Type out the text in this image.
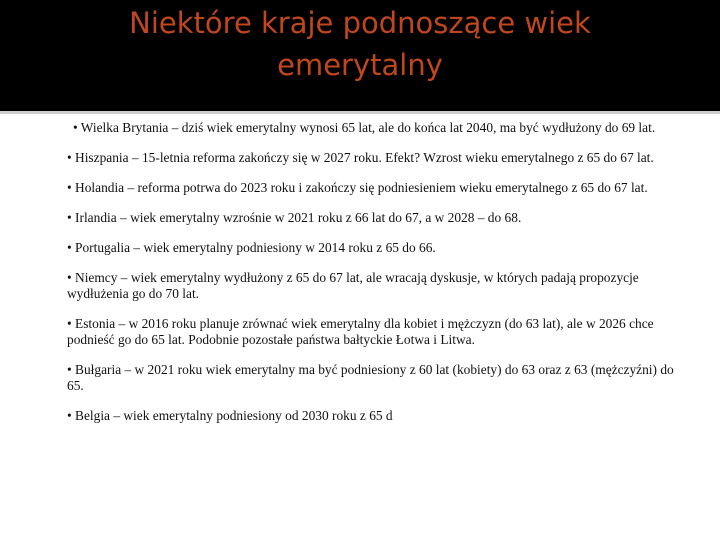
Niektóre kraje podnoszące wiek
emerytalny
• Wielka Brytania – dziś wiek emerytalny wynosi 65 lat, ale do końca lat 2040, ma być wydłużony do 69 lat.
• Hiszpania – 15-letnia reforma zakończy się w 2027 roku. Efekt? Wzrost wieku emerytalnego z 65 do 67 lat.
• Holandia – reforma potrwa do 2023 roku i zakończy się podniesieniem wieku emerytalnego z 65 do 67 lat.
• Irlandia – wiek emerytalny wzrośnie w 2021 roku z 66 lat do 67, a w 2028 – do 68.
• Portugalia – wiek emerytalny podniesiony w 2014 roku z 65 do 66.
• Niemcy – wiek emerytalny wydłużony z 65 do 67 lat, ale wracają dyskusje, w których padają propozycje wydłużenia go do 70 lat.
• Estonia – w 2016 roku planuje zrównać wiek emerytalny dla kobiet i mężczyzn (do 63 lat), ale w 2026 chce podnieść go do 65 lat. Podobnie pozostałe państwa bałtyckie Łotwa i Litwa.
• Bułgaria – w 2021 roku wiek emerytalny ma być podniesiony z 60 lat (kobiety) do 63 oraz z 63 (mężczyźni) do 65.
• Belgia – wiek emerytalny podniesiony od 2030 roku z 65 d
